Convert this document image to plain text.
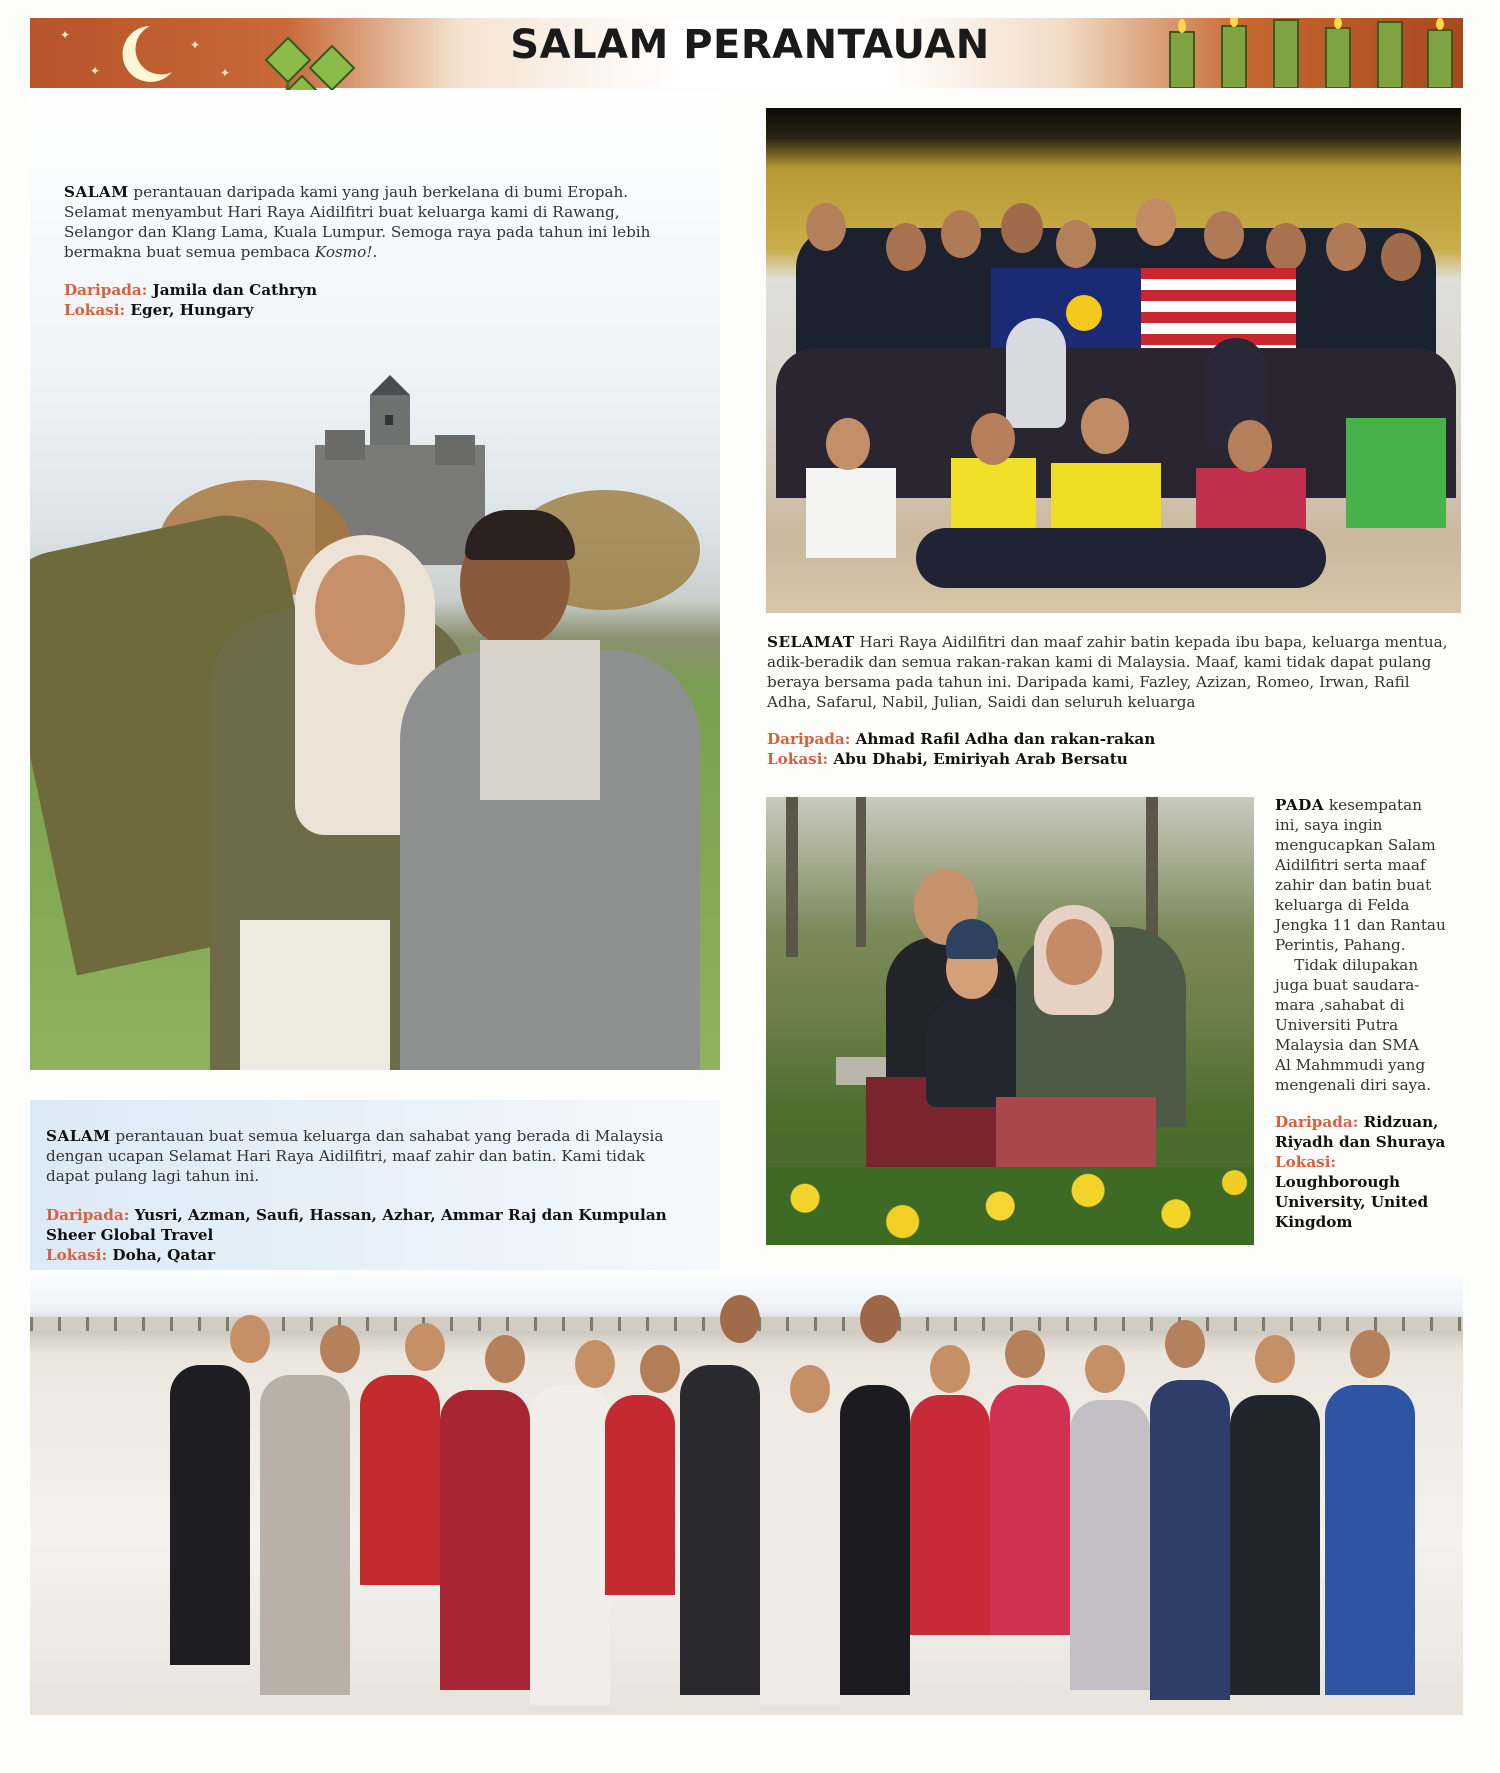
✦
✦
✦
✦
SALAM PERANTAUAN
SALAM perantauan daripada kami yang jauh berkelana di bumi Eropah.
Selamat menyambut Hari Raya Aidilfitri buat keluarga kami di Rawang,
Selangor dan Klang Lama, Kuala Lumpur. Semoga raya pada tahun ini lebih
bermakna buat semua pembaca Kosmo!.
Daripada: Jamila dan Cathryn
Lokasi: Eger, Hungary
SELAMAT Hari Raya Aidilfitri dan maaf zahir batin kepada ibu bapa, keluarga mentua,
adik-beradik dan semua rakan-rakan kami di Malaysia. Maaf, kami tidak dapat pulang
beraya bersama pada tahun ini. Daripada kami, Fazley, Azizan, Romeo, Irwan, Rafil
Adha, Safarul, Nabil, Julian, Saidi dan seluruh keluarga
Daripada: Ahmad Rafil Adha dan rakan-rakan
Lokasi: Abu Dhabi, Emiriyah Arab Bersatu
PADA kesempatan
ini, saya ingin
mengucapkan Salam
Aidilfitri serta maaf
zahir dan batin buat
keluarga di Felda
Jengka 11 dan Rantau
Perintis, Pahang.
Tidak dilupakan
juga buat saudara-
mara ,sahabat di
Universiti Putra
Malaysia dan SMA
Al Mahmmudi yang
mengenali diri saya.
Daripada: Ridzuan,
Riyadh dan Shuraya
Lokasi:
Loughborough
University, United
Kingdom
SALAM perantauan buat semua keluarga dan sahabat yang berada di Malaysia
dengan ucapan Selamat Hari Raya Aidilfitri, maaf zahir dan batin. Kami tidak
dapat pulang lagi tahun ini.
Daripada: Yusri, Azman, Saufi, Hassan, Azhar, Ammar Raj dan Kumpulan
Sheer Global Travel
Lokasi: Doha, Qatar
